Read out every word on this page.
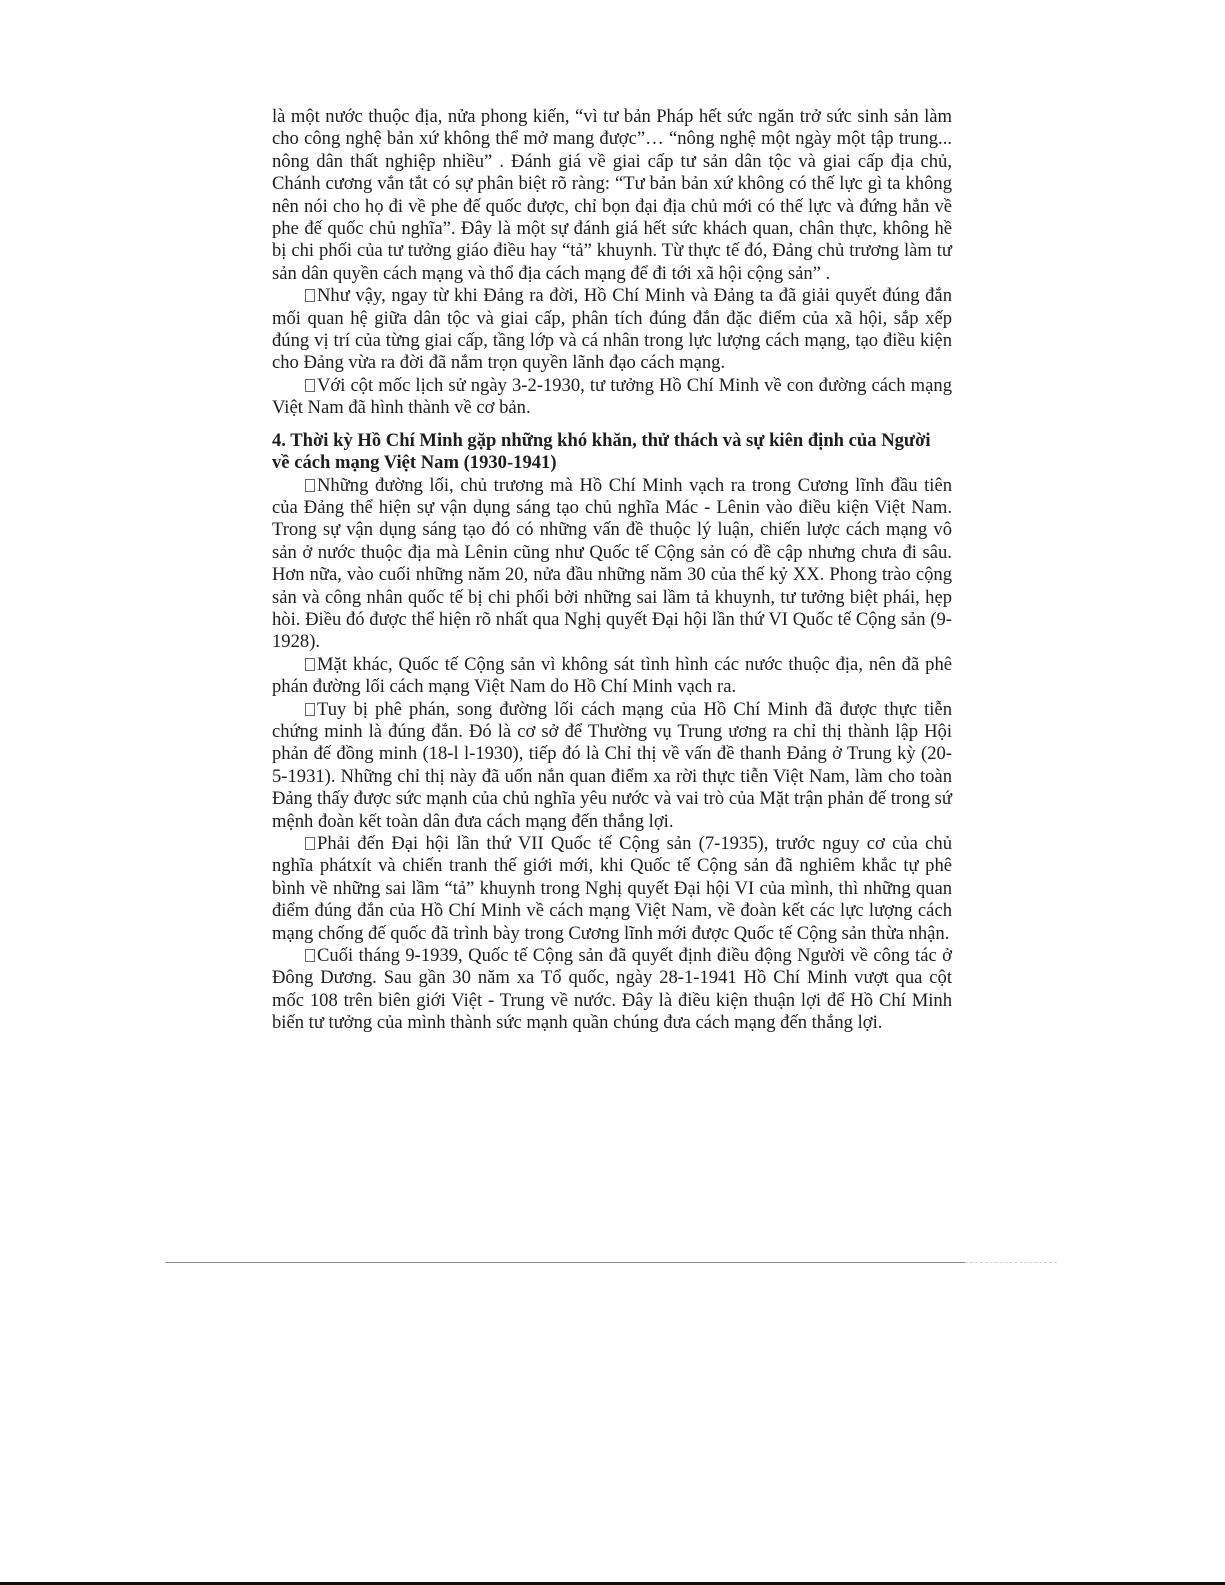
là một nước thuộc địa, nửa phong kiến, “vì tư bản Pháp hết sức ngăn trở sức sinh sản làm cho công nghệ bản xứ không thể mở mang được”… “nông nghệ một ngày một tập trung... nông dân thất nghiệp nhiều” . Đánh giá về giai cấp tư sản dân tộc và giai cấp địa chủ, Chánh cương vắn tắt có sự phân biệt rõ ràng: “Tư bản bản xứ không có thế lực gì ta không nên nói cho họ đi về phe đế quốc được, chỉ bọn đại địa chủ mới có thế lực và đứng hẳn về phe đế quốc chủ nghĩa”. Đây là một sự đánh giá hết sức khách quan, chân thực, không hề bị chi phối của tư tưởng giáo điều hay “tả” khuynh. Từ thực tế đó, Đảng chủ trương làm tư sản dân quyền cách mạng và thổ địa cách mạng để đi tới xã hội cộng sản” .

Như vậy, ngay từ khi Đảng ra đời, Hồ Chí Minh và Đảng ta đã giải quyết đúng đắn mối quan hệ giữa dân tộc và giai cấp, phân tích đúng đắn đặc điểm của xã hội, sắp xếp đúng vị trí của từng giai cấp, tầng lớp và cá nhân trong lực lượng cách mạng, tạo điều kiện cho Đảng vừa ra đời đã nắm trọn quyền lãnh đạo cách mạng.

Với cột mốc lịch sử ngày 3-2-1930, tư tưởng Hồ Chí Minh về con đường cách mạng Việt Nam đã hình thành về cơ bản.

4. Thời kỳ Hồ Chí Minh gặp những khó khăn, thử thách và sự kiên định của Người về cách mạng Việt Nam (1930-1941)

Những đường lối, chủ trương mà Hồ Chí Minh vạch ra trong Cương lĩnh đầu tiên của Đảng thể hiện sự vận dụng sáng tạo chủ nghĩa Mác - Lênin vào điều kiện Việt Nam. Trong sự vận dụng sáng tạo đó có những vấn đề thuộc lý luận, chiến lược cách mạng vô sản ở nước thuộc địa mà Lênin cũng như Quốc tế Cộng sản có đề cập nhưng chưa đi sâu. Hơn nữa, vào cuối những năm 20, nửa đầu những năm 30 của thế kỷ XX. Phong trào cộng sản và công nhân quốc tế bị chi phối bởi những sai lầm tả khuynh, tư tưởng biệt phái, hẹp hòi. Điều đó được thể hiện rõ nhất qua Nghị quyết Đại hội lần thứ VI Quốc tế Cộng sản (9-1928).

Mặt khác, Quốc tế Cộng sản vì không sát tình hình các nước thuộc địa, nên đã phê phán đường lối cách mạng Việt Nam do Hồ Chí Minh vạch ra.

Tuy bị phê phán, song đường lối cách mạng của Hồ Chí Minh đã được thực tiễn chứng minh là đúng đắn. Đó là cơ sở để Thường vụ Trung ương ra chỉ thị thành lập Hội phản đế đồng minh (18-l l-1930), tiếp đó là Chỉ thị về vấn đề thanh Đảng ở Trung kỳ (20-5-1931). Những chỉ thị này đã uốn nắn quan điểm xa rời thực tiễn Việt Nam, làm cho toàn Đảng thấy được sức mạnh của chủ nghĩa yêu nước và vai trò của Mặt trận phản đế trong sứ mệnh đoàn kết toàn dân đưa cách mạng đến thắng lợi.

Phải đến Đại hội lần thứ VII Quốc tế Cộng sản (7-1935), trước nguy cơ của chủ nghĩa phátxít và chiến tranh thế giới mới, khi Quốc tế Cộng sản đã nghiêm khắc tự phê bình về những sai lầm “tả” khuynh trong Nghị quyết Đại hội VI của mình, thì những quan điểm đúng đắn của Hồ Chí Minh về cách mạng Việt Nam, về đoàn kết các lực lượng cách mạng chống đế quốc đã trình bày trong Cương lĩnh mới được Quốc tế Cộng sản thừa nhận.

Cuối tháng 9-1939, Quốc tế Cộng sản đã quyết định điều động Người về công tác ở Đông Dương. Sau gần 30 năm xa Tổ quốc, ngày 28-1-1941 Hồ Chí Minh vượt qua cột mốc 108 trên biên giới Việt - Trung về nước. Đây là điều kiện thuận lợi để Hồ Chí Minh biến tư tưởng của mình thành sức mạnh quần chúng đưa cách mạng đến thắng lợi.
